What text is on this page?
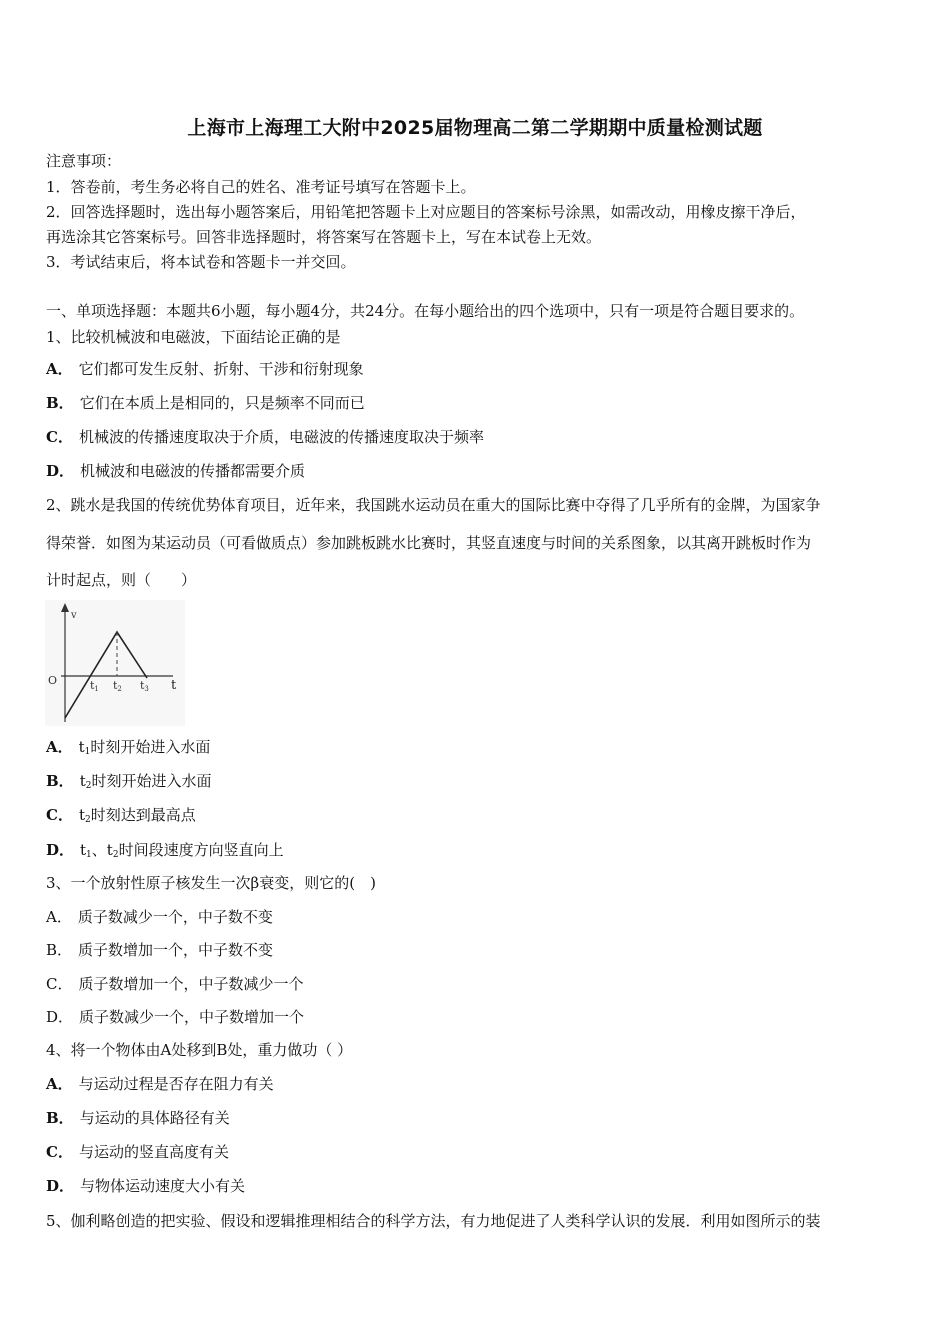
上海市上海理工大附中2025届物理高二第二学期期中质量检测试题
注意事项：
1．答卷前，考生务必将自己的姓名、准考证号填写在答题卡上。
2．回答选择题时，选出每小题答案后，用铅笔把答题卡上对应题目的答案标号涂黑，如需改动，用橡皮擦干净后，
再选涂其它答案标号。回答非选择题时，将答案写在答题卡上，写在本试卷上无效。
3．考试结束后，将本试卷和答题卡一并交回。
一、单项选择题：本题共6小题，每小题4分，共24分。在每小题给出的四个选项中，只有一项是符合题目要求的。
1、比较机械波和电磁波，下面结论正确的是
A． 它们都可发生反射、折射、干涉和衍射现象
B． 它们在本质上是相同的，只是频率不同而已
C． 机械波的传播速度取决于介质，电磁波的传播速度取决于频率
D． 机械波和电磁波的传播都需要介质
2、跳水是我国的传统优势体育项目，近年来，我国跳水运动员在重大的国际比赛中夺得了几乎所有的金牌，为国家争
得荣誉．如图为某运动员（可看做质点）参加跳板跳水比赛时，其竖直速度与时间的关系图象，以其离开跳板时作为
计时起点，则（　　）
v
O	t1 t2 t3 t
A． $t_1$时刻开始进入水面
B． $t_2$时刻开始进入水面
C． $t_2$时刻达到最高点
D． $t_1$、$t_2$时间段速度方向竖直向上
3、一个放射性原子核发生一次β衰变，则它的(　)
A． 质子数减少一个，中子数不变
B． 质子数增加一个，中子数不变
C． 质子数增加一个，中子数减少一个
D． 质子数减少一个，中子数增加一个
4、将一个物体由A处移到B处，重力做功（ ）
A． 与运动过程是否存在阻力有关
B． 与运动的具体路径有关
C． 与运动的竖直高度有关
D． 与物体运动速度大小有关
5、伽利略创造的把实验、假设和逻辑推理相结合的科学方法，有力地促进了人类科学认识的发展．利用如图所示的装
